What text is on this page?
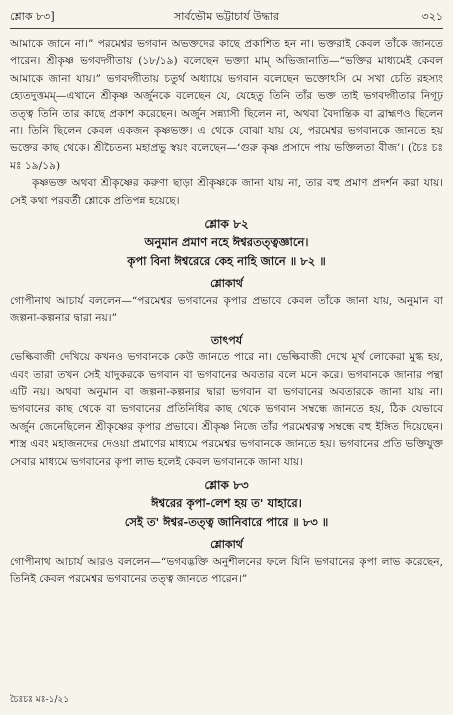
শ্লোক ৮৩]	সার্বভৌম ভট্টাচার্য উদ্ধার	৩২১

আমাকে জানে না।” পরমেশ্বর ভগবান অভক্তদের কাছে প্রকাশিত হন না। ভক্তরাই কেবল তাঁকে জানতে পারেন। শ্রীকৃষ্ণ ভগবদ্গীতায় (১৮/১৯) বলেছেন ভক্ত্যা মাম্ অভিজানাতি—“ভক্তির মাধ্যমেই কেবল আমাকে জানা যায়।” ভগবদ্গীতায় চতুর্থ অধ্যায়ে ভগবান বলেছেন ভক্তোঽসি মে সখা চেতি রহস্যং হ্যেতদুত্তমম্—এখানে শ্রীকৃষ্ণ অর্জুনকে বলেছেন যে, যেহেতু তিনি তাঁর ভক্ত তাই ভগবদ্গীতার নিগূঢ় তত্ত্ব তিনি তার কাছে প্রকাশ করেছেন। অর্জুন সন্ন্যাসী ছিলেন না, অথবা বৈদান্তিক বা ব্রাহ্মণও ছিলেন না। তিনি ছিলেন কেবল একজন কৃষ্ণভক্ত। এ থেকে বোঝা যায় যে, পরমেশ্বর ভগবানকে জানতে হয় ভক্তের কাছ থেকে। শ্রীচৈতন্য মহাপ্রভু স্বয়ং বলেছেন—‘গুরু কৃষ্ণ প্রসাদে পায় ভক্তিলতা বীজ’। (চৈঃ চঃ মঃ ১৯/১৯)

কৃষ্ণভক্ত অথবা শ্রীকৃষ্ণের করুণা ছাড়া শ্রীকৃষ্ণকে জানা যায় না, তার বহু প্রমাণ প্রদর্শন করা যায়। সেই কথা পরবর্তী শ্লোকে প্রতিপন্ন হয়েছে।

শ্লোক ৮২
অনুমান প্রমাণ নহে ঈশ্বরতত্ত্বজ্ঞানে।
কৃপা বিনা ঈশ্বরেরে কেহ নাহি জানে ॥ ৮২ ॥
শ্লোকার্থ

গোপীনাথ আচার্য বললেন—“পরমেশ্বর ভগবানের কৃপার প্রভাবে কেবল তাঁকে জানা যায়, অনুমান বা জল্পনা-কল্পনার দ্বারা নয়।”

তাৎপর্য

ভেল্কিবাজী দেখিয়ে কখনও ভগবানকে কেউ জানতে পারে না। ভেল্কিবাজী দেখে মূর্খ লোকেরা মুগ্ধ হয়, এবং তারা তখন সেই যাদুকরকে ভগবান বা ভগবানের অবতার বলে মনে করে। ভগবানকে জানার পন্থা এটি নয়। অথবা অনুমান বা জল্পনা-কল্পনার দ্বারা ভগবান বা ভগবানের অবতারকে জানা যায় না। ভগবানের কাছ থেকে বা ভগবানের প্রতিনিধির কাছ থেকে ভগবান সম্বন্ধে জানতে হয়, ঠিক যেভাবে অর্জুন জেনেছিলেন শ্রীকৃষ্ণের কৃপার প্রভাবে। শ্রীকৃষ্ণ নিজে তাঁর পরমেশ্বরত্ব সম্বন্ধে বহু ইঙ্গিত দিয়েছেন। শাস্ত্র এবং মহাজনদের দেওয়া প্রমাণের মাধ্যমে পরমেশ্বর ভগবানকে জানতে হয়। ভগবানের প্রতি ভক্তিযুক্ত সেবার মাধ্যমে ভগবানের কৃপা লাভ হলেই কেবল ভগবানকে জানা যায়।

শ্লোক ৮৩
ঈশ্বরের কৃপা-লেশ হয় ত' যাহারে।
সেই ত' ঈশ্বর-তত্ত্ব জানিবারে পারে ॥ ৮৩ ॥
শ্লোকার্থ

গোপীনাথ আচার্য আরও বললেন—“ভগবদ্ভক্তি অনুশীলনের ফলে যিনি ভগবানের কৃপা লাভ করেছেন, তিনিই কেবল পরমেশ্বর ভগবানের তত্ত্ব জানতে পারেন।”

চৈঃচঃ মঃ-১/২১
